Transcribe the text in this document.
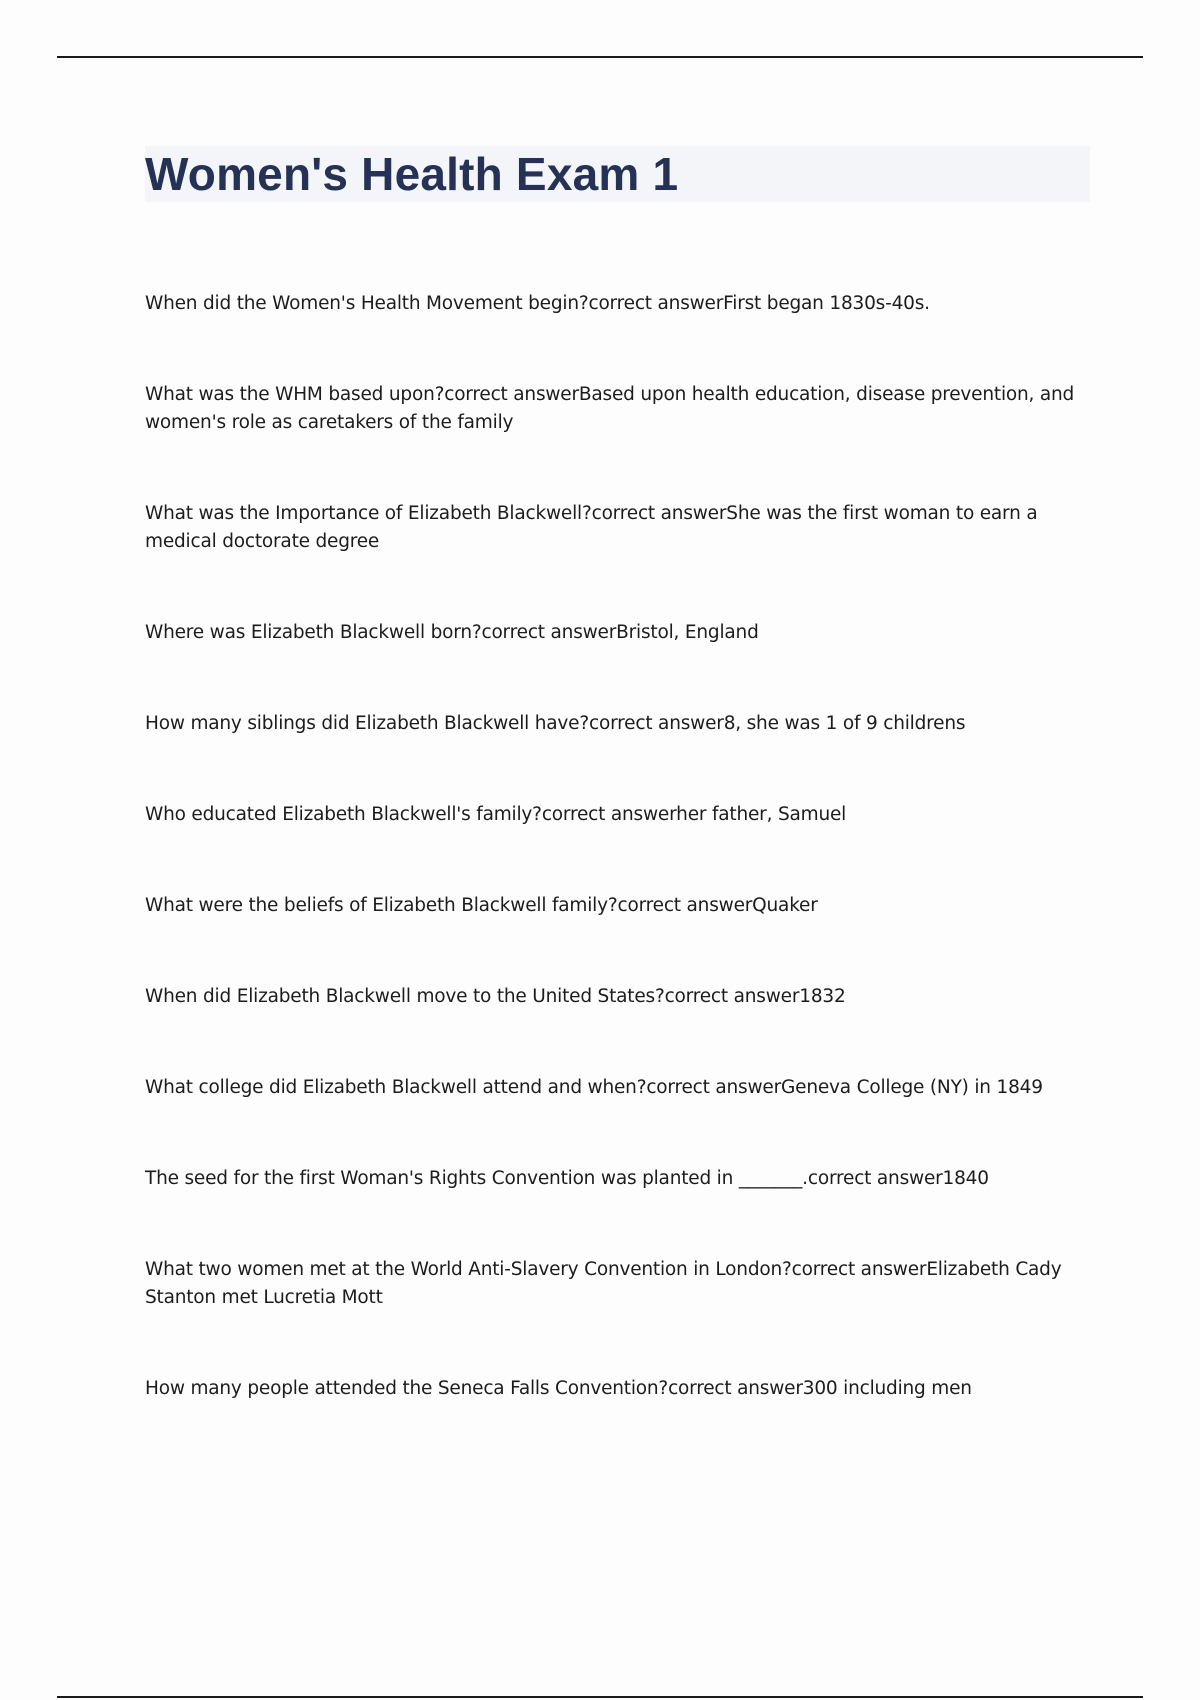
Women's Health Exam 1
When did the Women's Health Movement begin?correct answerFirst began 1830s-40s.
What was the WHM based upon?correct answerBased upon health education, disease prevention, and women's role as caretakers of the family
What was the Importance of Elizabeth Blackwell?correct answerShe was the first woman to earn a medical doctorate degree
Where was Elizabeth Blackwell born?correct answerBristol, England
How many siblings did Elizabeth Blackwell have?correct answer8, she was 1 of 9 childrens
Who educated Elizabeth Blackwell's family?correct answerher father, Samuel
What were the beliefs of Elizabeth Blackwell family?correct answerQuaker
When did Elizabeth Blackwell move to the United States?correct answer1832
What college did Elizabeth Blackwell attend and when?correct answerGeneva College (NY) in 1849
The seed for the first Woman's Rights Convention was planted in _______.correct answer1840
What two women met at the World Anti-Slavery Convention in London?correct answerElizabeth Cady Stanton met Lucretia Mott
How many people attended the Seneca Falls Convention?correct answer300 including men
